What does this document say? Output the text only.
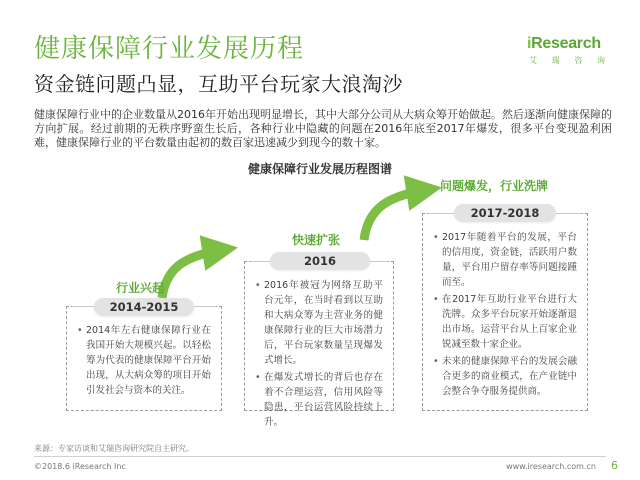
健康保障行业发展历程
资金链问题凸显，互助平台玩家大浪淘沙
iResearch
艾 瑞 咨 询

健康保障行业中的企业数量从2016年开始出现明显增长，其中大部分公司从大病众筹开始做起。然后逐渐向健康保障的方向扩展。经过前期的无秩序野蛮生长后，各种行业中隐藏的问题在2016年底至2017年爆发，很多平台变现盈利困难，健康保障行业的平台数量由起初的数百家迅速减少到现今的数十家。

健康保障行业发展历程图谱
行业兴起
• 2014年左右健康保障行业在我国开始大规模兴起。以轻松筹为代表的健康保障平台开始出现，从大病众筹的项目开始引发社会与资本的关注。
2014-2015
快速扩张
• 2016年被冠为网络互助平台元年，在当时看到以互助和大病众筹为主营业务的健康保障行业的巨大市场潜力后，平台玩家数量呈现爆发式增长。
• 在爆发式增长的背后也存在着不合理运营，信用风险等隐患，平台运营风险持续上升。
2016
问题爆发，行业洗牌
• 2017年随着平台的发展，平台的信用度，资金链，活跃用户数量，平台用户留存率等问题接踵而至。
• 在2017年互助行业平台进行大洗牌。众多平台玩家开始逐渐退出市场。运营平台从上百家企业锐减至数十家企业。
• 未来的健康保障平台的发展会融合更多的商业模式，在产业链中会整合争夺服务提供商。
2017-2018
来源：专家访谈和艾瑞咨询研究院自主研究。
©2018.6 iResearch Inc	www.iresearch.com.cn 6
